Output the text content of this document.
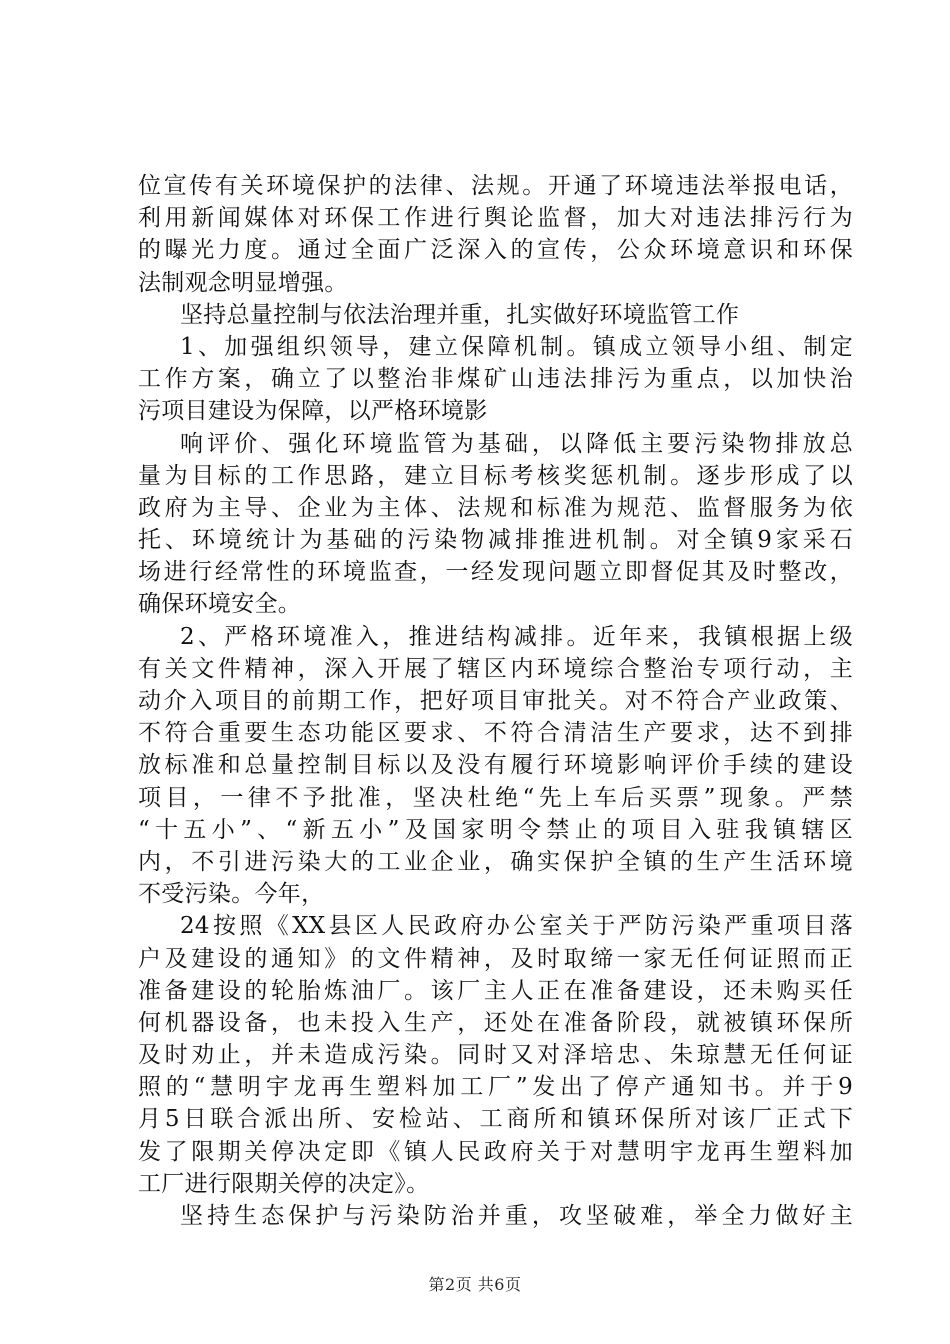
位宣传有关环境保护的法律、法规。开通了环境违法举报电话，
利用新闻媒体对环保工作进行舆论监督，加大对违法排污行为
的曝光力度。通过全面广泛深入的宣传，公众环境意识和环保
法制观念明显增强。
坚持总量控制与依法治理并重，扎实做好环境监管工作
1、加强组织领导，建立保障机制。镇成立领导小组、制定
工作方案，确立了以整治非煤矿山违法排污为重点，以加快治
污项目建设为保障，以严格环境影
响评价、强化环境监管为基础，以降低主要污染物排放总
量为目标的工作思路，建立目标考核奖惩机制。逐步形成了以
政府为主导、企业为主体、法规和标准为规范、监督服务为依
托、环境统计为基础的污染物减排推进机制。对全镇9家采石
场进行经常性的环境监查，一经发现问题立即督促其及时整改，
确保环境安全。
2、严格环境准入，推进结构减排。近年来，我镇根据上级
有关文件精神，深入开展了辖区内环境综合整治专项行动，主
动介入项目的前期工作，把好项目审批关。对不符合产业政策、
不符合重要生态功能区要求、不符合清洁生产要求，达不到排
放标准和总量控制目标以及没有履行环境影响评价手续的建设
项目，一律不予批准，坚决杜绝“先上车后买票”现象。严禁
“十五小”、“新五小”及国家明令禁止的项目入驻我镇辖区
内，不引进污染大的工业企业，确实保护全镇的生产生活环境
不受污染。今年，
24按照《XX县区人民政府办公室关于严防污染严重项目落
户及建设的通知》的文件精神，及时取缔一家无任何证照而正
准备建设的轮胎炼油厂。该厂主人正在准备建设，还未购买任
何机器设备，也未投入生产，还处在准备阶段，就被镇环保所
及时劝止，并未造成污染。同时又对泽培忠、朱琼慧无任何证
照的“慧明宇龙再生塑料加工厂”发出了停产通知书。并于9
月5日联合派出所、安检站、工商所和镇环保所对该厂正式下
发了限期关停决定即《镇人民政府关于对慧明宇龙再生塑料加
工厂进行限期关停的决定》。
坚持生态保护与污染防治并重，攻坚破难，举全力做好主
第2页 共6页
